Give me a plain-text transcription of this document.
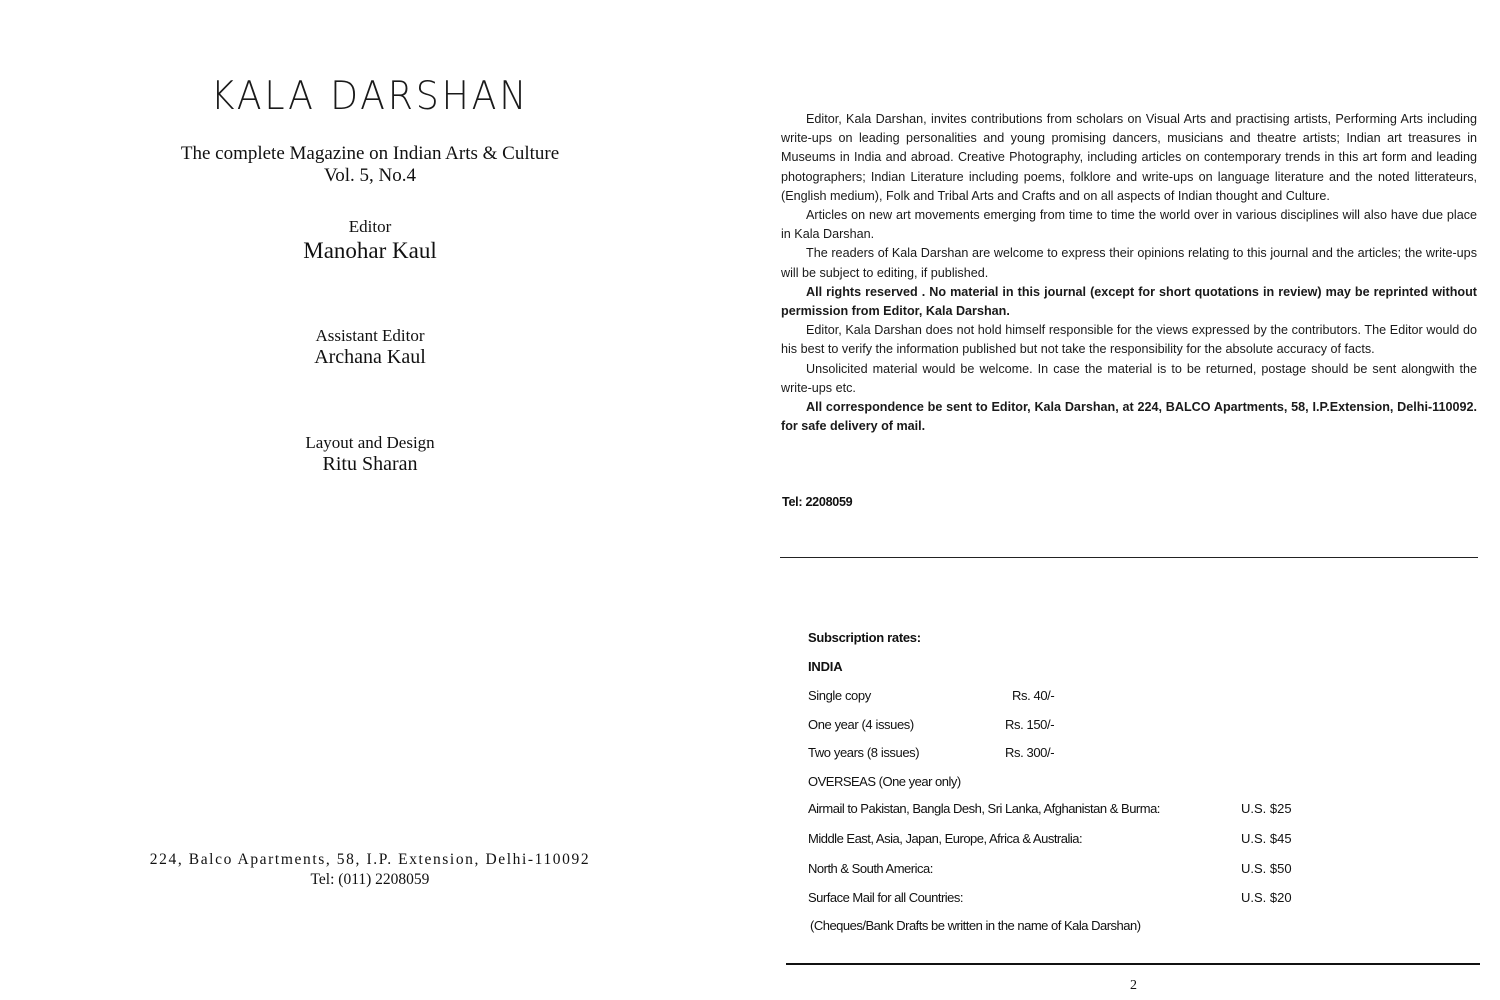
KALA DARSHAN
The complete Magazine on Indian Arts & Culture
Vol. 5, No.4
Editor
Manohar Kaul
Assistant Editor
Archana Kaul
Layout and Design
Ritu Sharan
224, Balco Apartments, 58, I.P. Extension, Delhi-110092
Tel: (011) 2208059

Editor, Kala Darshan, invites contributions from scholars on Visual Arts and practising artists, Performing Arts including write-ups on leading personalities and young promising dancers, musicians and theatre artists; Indian art treasures in Museums in India and abroad. Creative Photography, including articles on contemporary trends in this art form and leading photographers; Indian Literature including poems, folklore and write-ups on language literature and the noted litterateurs, (English medium), Folk and Tribal Arts and Crafts and on all aspects of Indian thought and Culture.

Articles on new art movements emerging from time to time the world over in various disciplines will also have due place in Kala Darshan.

The readers of Kala Darshan are welcome to express their opinions relating to this journal and the articles; the write-ups will be subject to editing, if published.

All rights reserved . No material in this journal (except for short quotations in review) may be reprinted without permission from Editor, Kala Darshan.

Editor, Kala Darshan does not hold himself responsible for the views expressed by the contributors. The Editor would do his best to verify the information published but not take the responsibility for the absolute accuracy of facts.

Unsolicited material would be welcome. In case the material is to be returned, postage should be sent alongwith the write-ups etc.

All correspondence be sent to Editor, Kala Darshan, at 224, BALCO Apartments, 58, I.P.Extension, Delhi-110092. for safe delivery of mail.

Tel: 2208059
Subscription rates:
INDIA
Single copy	Rs. 40/-
One year (4 issues)	Rs. 150/-
Two years (8 issues)	Rs. 300/-
OVERSEAS (One year only)
Airmail to Pakistan, Bangla Desh, Sri Lanka, Afghanistan & Burma:	U.S. $25
Middle East, Asia, Japan, Europe, Africa & Australia:	U.S. $45
North & South America:	U.S. $50
Surface Mail for all Countries:	U.S. $20
(Cheques/Bank Drafts be written in the name of Kala Darshan)
2
